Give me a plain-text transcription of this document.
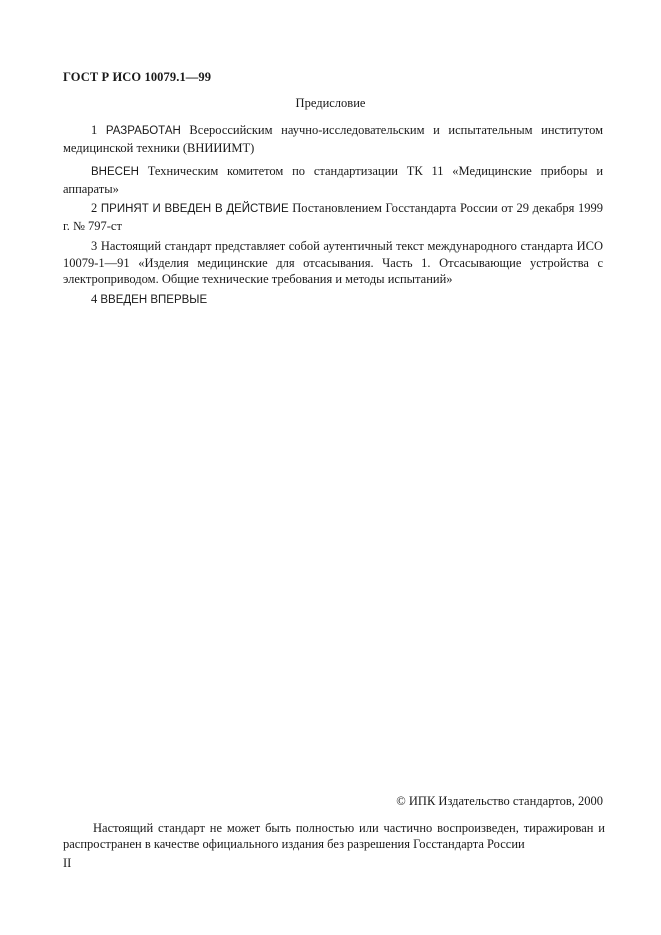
ГОСТ Р ИСО 10079.1—99
Предисловие
1 РАЗРАБОТАН Всероссийским научно-исследовательским и испытательным институтом медицинской техники (ВНИИИМТ)
ВНЕСЕН Техническим комитетом по стандартизации ТК 11 «Медицинские приборы и аппараты»
2 ПРИНЯТ И ВВЕДЕН В ДЕЙСТВИЕ Постановлением Госстандарта России от 29 декабря 1999 г. № 797-ст
3 Настоящий стандарт представляет собой аутентичный текст международного стандарта ИСО 10079-1—91 «Изделия медицинские для отсасывания. Часть 1. Отсасывающие устройства с электроприводом. Общие технические требования и методы испытаний»
4 ВВЕДЕН ВПЕРВЫЕ
© ИПК Издательство стандартов, 2000
Настоящий стандарт не может быть полностью или частично воспроизведен, тиражирован и распространен в качестве официального издания без разрешения Госстандарта России
II
